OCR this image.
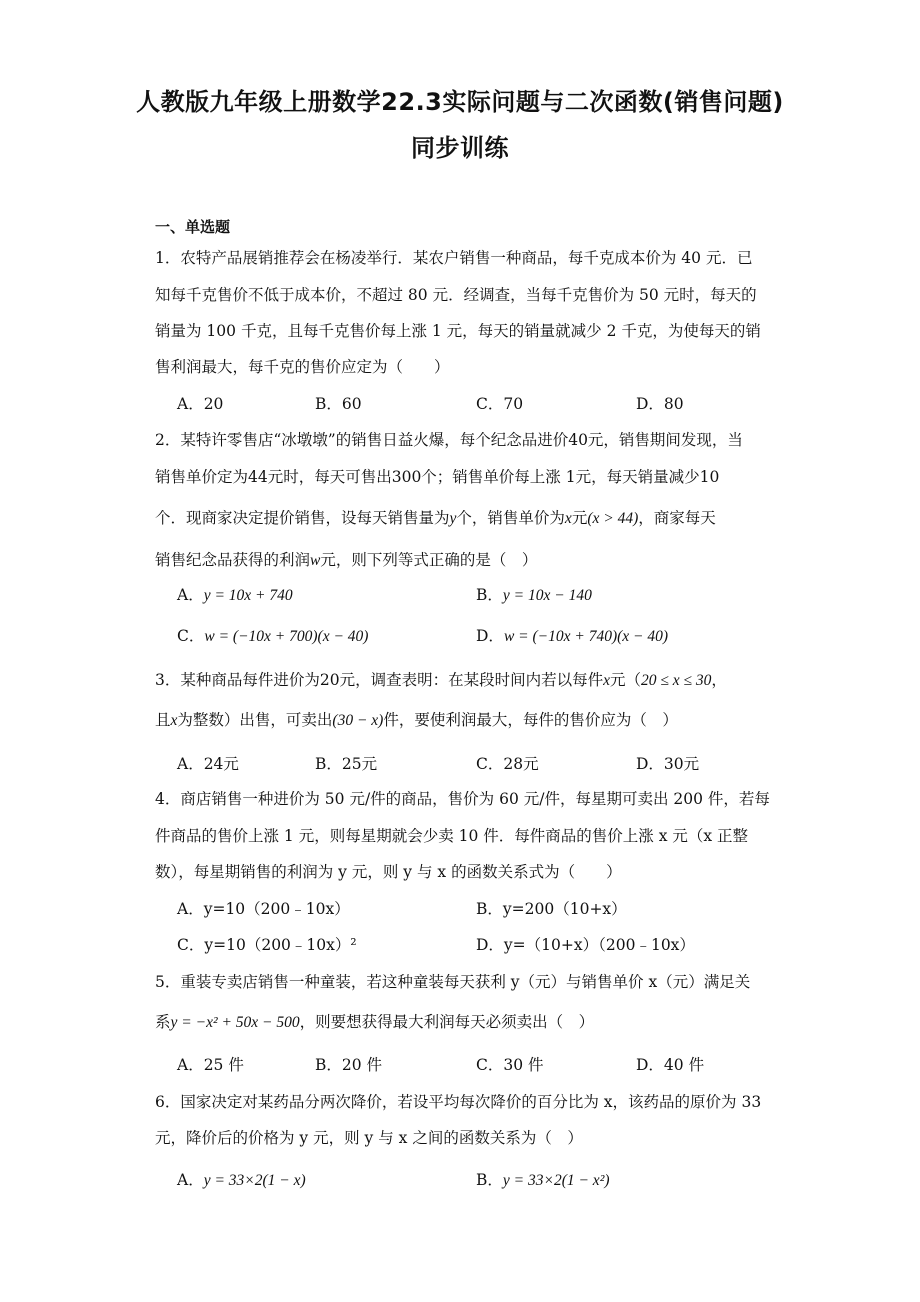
人教版九年级上册数学22.3实际问题与二次函数(销售问题)
同步训练
一、单选题
1．农特产品展销推荐会在杨凌举行．某农户销售一种商品，每千克成本价为 40 元．已
知每千克售价不低于成本价，不超过 80 元．经调查，当每千克售价为 50 元时，每天的
销量为 100 千克，且每千克售价每上涨 1 元，每天的销量就减少 2 千克，为使每天的销
售利润最大，每千克的售价应定为（　　）
A．20	B．60	C．70	D．80
2．某特许零售店“冰墩墩”的销售日益火爆，每个纪念品进价40元，销售期间发现，当
销售单价定为44元时，每天可售出300个；销售单价每上涨 1元，每天销量减少10
个．现商家决定提价销售，设每天销售量为y个，销售单价为x元(x > 44)，商家每天
销售纪念品获得的利润w元，则下列等式正确的是（　）
A．y = 10x + 740	B．y = 10x − 140
C．w = (−10x + 700)(x − 40)	D．w = (−10x + 740)(x − 40)
3．某种商品每件进价为20元，调查表明：在某段时间内若以每件x元（20 ≤ x ≤ 30，
且x为整数）出售，可卖出(30 − x)件，要使利润最大，每件的售价应为（　）
A．24元	B．25元	C．28元	D．30元
4．商店销售一种进价为 50 元/件的商品，售价为 60 元/件，每星期可卖出 200 件，若每
件商品的售价上涨 1 元，则每星期就会少卖 10 件．每件商品的售价上涨 x 元（x 正整
数），每星期销售的利润为 y 元，则 y 与 x 的函数关系式为（　　）
A．y=10（200﹣10x）	B．y=200（10+x）
C．y=10（200﹣10x）²	D．y=（10+x）（200﹣10x）
5．重装专卖店销售一种童装，若这种童装每天获利 y（元）与销售单价 x（元）满足关
系y = −x² + 50x − 500，则要想获得最大利润每天必须卖出（　）
A．25 件	B．20 件	C．30 件	D．40 件
6．国家决定对某药品分两次降价，若设平均每次降价的百分比为 x，该药品的原价为 33
元，降价后的价格为 y 元，则 y 与 x 之间的函数关系为（　）
A．y = 33×2(1 − x)	B．y = 33×2(1 − x²)
